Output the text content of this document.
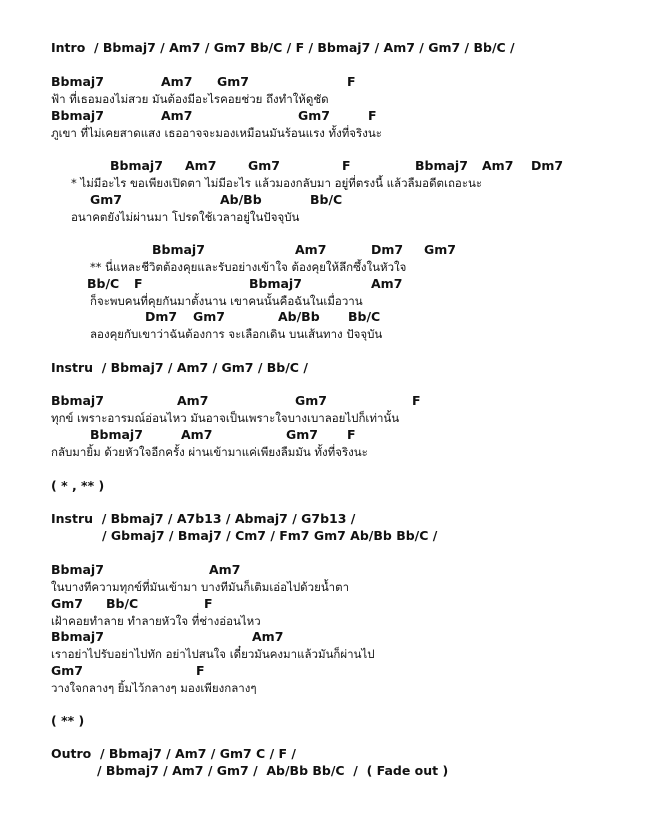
Intro  / Bbmaj7 / Am7 / Gm7 Bb/C / F / Bbmaj7 / Am7 / Gm7 / Bb/C /
Bbmaj7	Am7 Gm7	F
ฟ้า ที่เธอมองไม่สวย มันต้องมีอะไรคอยช่วย ถึงทำให้ดูชัด
Bbmaj7	Am7	Gm7	F
ภูเขา ที่ไม่เคยสาดแสง เธออาจจะมองเหมือนมันร้อนแรง ทั้งที่จริงนะ
Bbmaj7 Am7	Gm7	F	Bbmaj7 Am7 Dm7
* ไม่มีอะไร ขอเพียงเปิดตา ไม่มีอะไร แล้วมองกลับมา อยู่ที่ตรงนี้ แล้วลืมอดีตเถอะนะ
Gm7	Ab/Bb	Bb/C
อนาคตยังไม่ผ่านมา โปรดใช้เวลาอยู่ในปัจจุบัน
Bbmaj7	Am7	Dm7 Gm7
** นี่แหละชีวิตต้องคุยและรับอย่างเข้าใจ ต้องคุยให้ลึกซึ้งในหัวใจ
Bb/C F	Bbmaj7	Am7
ก็จะพบคนที่คุยกันมาตั้งนาน เขาคนนั้นคือฉันในเมื่อวาน
Dm7 Gm7	Ab/Bb Bb/C
ลองคุยกับเขาว่าฉันต้องการ จะเลือกเดิน บนเส้นทาง ปัจจุบัน
Instru  / Bbmaj7 / Am7 / Gm7 / Bb/C /
Bbmaj7	Am7	Gm7	F
ทุกข์ เพราะอารมณ์อ่อนไหว มันอาจเป็นเพราะใจบางเบาลอยไปก็เท่านั้น
Bbmaj7	Am7	Gm7 F
กลับมายิ้ม ด้วยหัวใจอีกครั้ง ผ่านเข้ามาแค่เพียงลืมมัน ทั้งที่จริงนะ
( * , ** )
Instru  / Bbmaj7 / A7b13 / Abmaj7 / G7b13 /
/ Gbmaj7 / Bmaj7 / Cm7 / Fm7 Gm7 Ab/Bb Bb/C /
Bbmaj7	Am7
ในบางทีความทุกข์ที่มันเข้ามา บางทีมันก็เติมเอ่อไปด้วยน้ำตา
Gm7 Bb/C	F
เฝ้าคอยทำลาย ทำลายหัวใจ ที่ช่างอ่อนไหว
Bbmaj7	Am7
เราอย่าไปรับอย่าไปทัก อย่าไปสนใจ เดี๋ยวมันคงมาแล้วมันก็ผ่านไป
Gm7	F
วางใจกลางๆ ยิ้มไว้กลางๆ มองเพียงกลางๆ
( ** )
Outro  / Bbmaj7 / Am7 / Gm7 C / F /
/ Bbmaj7 / Am7 / Gm7 /  Ab/Bb Bb/C  /  ( Fade out )
